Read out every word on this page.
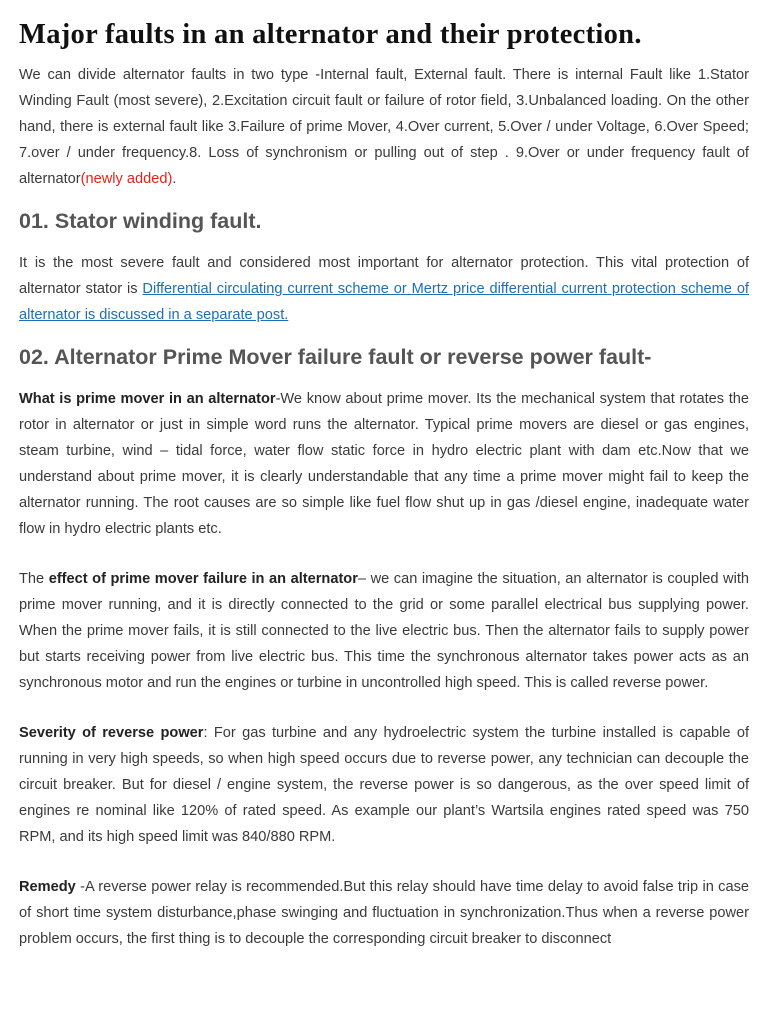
Major faults in an alternator and their protection.

We can divide alternator faults in two type -Internal fault, External fault. There is internal Fault like 1.Stator Winding Fault (most severe), 2.Excitation circuit fault or failure of rotor field, 3.Unbalanced loading. On the other hand, there is external fault like 3.Failure of prime Mover, 4.Over current, 5.Over / under Voltage, 6.Over Speed; 7.over / under frequency.8. Loss of synchronism or pulling out of step . 9.Over or under frequency fault of alternator(newly added).

01. Stator winding fault.

It is the most severe fault and considered most important for alternator protection. This vital protection of alternator stator is Differential circulating current scheme or Mertz price differential current protection scheme of alternator is discussed in a separate post.

02. Alternator Prime Mover failure fault or reverse power fault-

What is prime mover in an alternator-We know about prime mover. Its the mechanical system that rotates the rotor in alternator or just in simple word runs the alternator. Typical prime movers are diesel or gas engines, steam turbine, wind – tidal force, water flow static force in hydro electric plant with dam etc.Now that we understand about prime mover, it is clearly understandable that any time a prime mover might fail to keep the alternator running. The root causes are so simple like fuel flow shut up in gas /diesel engine, inadequate water flow in hydro electric plants etc.

The effect of prime mover failure in an alternator– we can imagine the situation, an alternator is coupled with prime mover running, and it is directly connected to the grid or some parallel electrical bus supplying power. When the prime mover fails, it is still connected to the live electric bus. Then the alternator fails to supply power but starts receiving power from live electric bus. This time the synchronous alternator takes power acts as an synchronous motor and run the engines or turbine in uncontrolled high speed. This is called reverse power.

Severity of reverse power: For gas turbine and any hydroelectric system the turbine installed is capable of running in very high speeds, so when high speed occurs due to reverse power, any technician can decouple the circuit breaker. But for diesel / engine system, the reverse power is so dangerous, as the over speed limit of engines re nominal like 120% of rated speed. As example our plant’s Wartsila engines rated speed was 750 RPM, and its high speed limit was 840/880 RPM.

Remedy -A reverse power relay is recommended.But this relay should have time delay to avoid false trip in case of short time system disturbance,phase swinging and fluctuation in synchronization.Thus when a reverse power problem occurs, the first thing is to decouple the corresponding circuit breaker to disconnect
